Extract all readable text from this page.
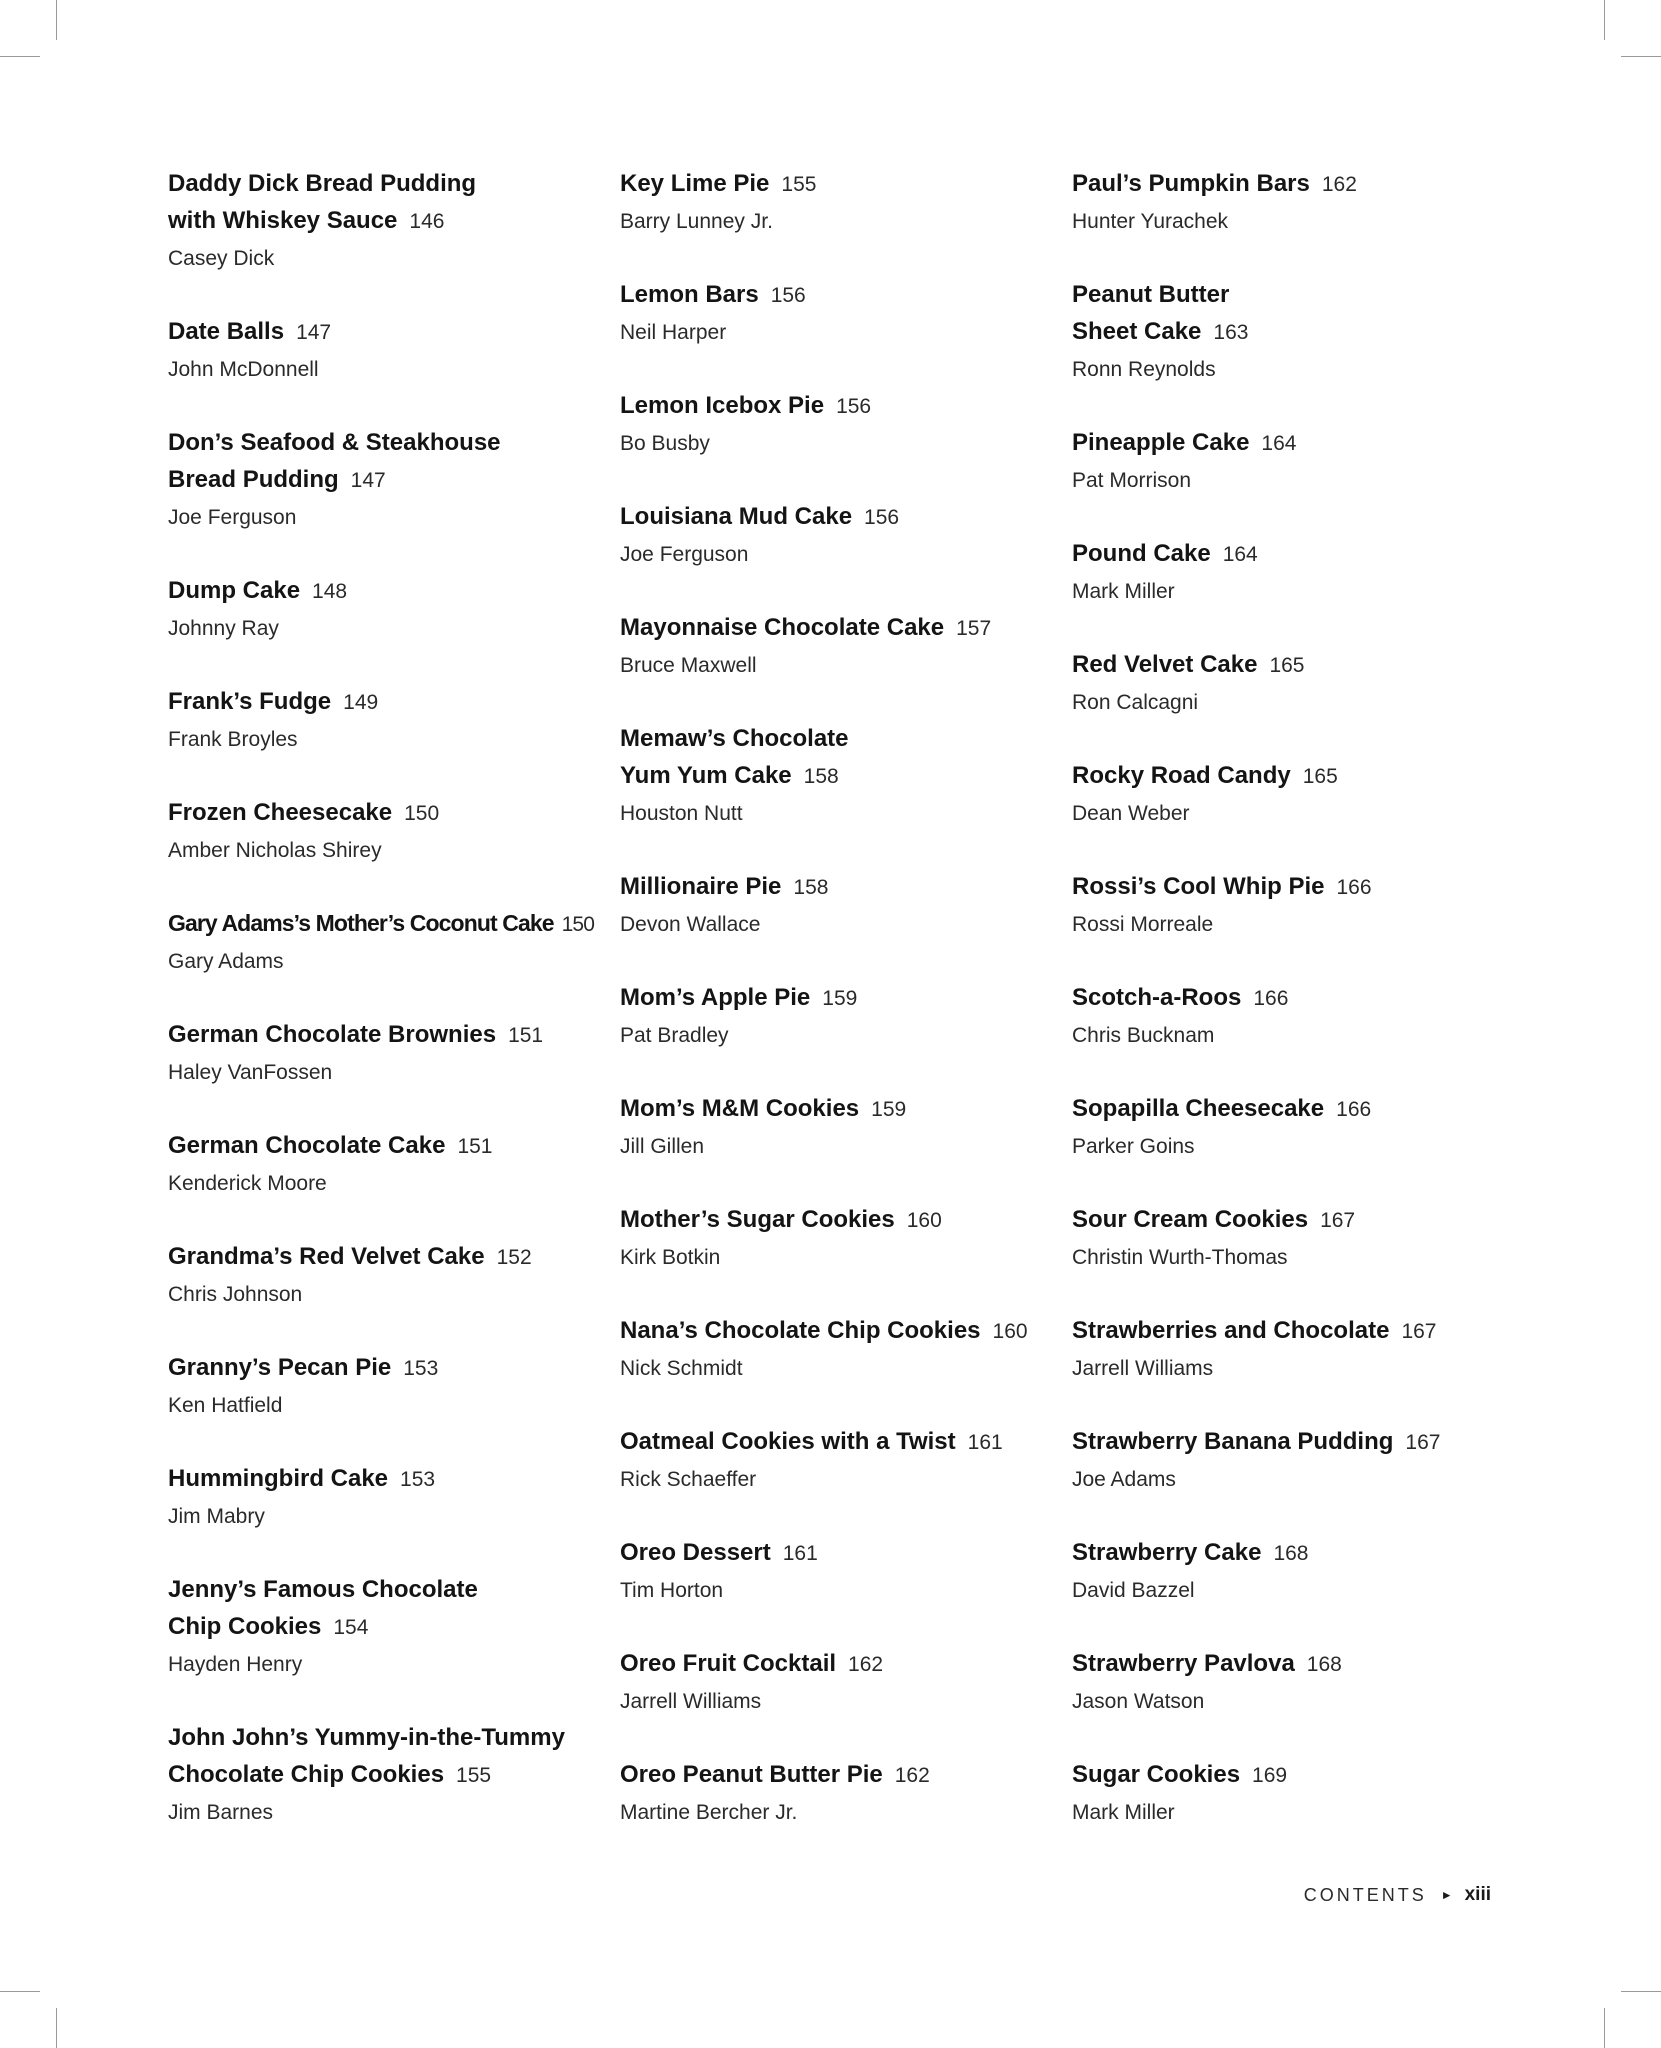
Daddy Dick Bread Pudding
with Whiskey Sauce 146
Casey Dick
Date Balls 147
John McDonnell
Don’s Seafood & Steakhouse
Bread Pudding 147
Joe Ferguson
Dump Cake 148
Johnny Ray
Frank’s Fudge 149
Frank Broyles
Frozen Cheesecake 150
Amber Nicholas Shirey
Gary Adams’s Mother’s Coconut Cake 150
Gary Adams
German Chocolate Brownies 151
Haley VanFossen
German Chocolate Cake 151
Kenderick Moore
Grandma’s Red Velvet Cake 152
Chris Johnson
Granny’s Pecan Pie 153
Ken Hatfield
Hummingbird Cake 153
Jim Mabry
Jenny’s Famous Chocolate
Chip Cookies 154
Hayden Henry
John John’s Yummy-in-the-Tummy
Chocolate Chip Cookies 155
Jim Barnes
Key Lime Pie 155
Barry Lunney Jr.
Lemon Bars 156
Neil Harper
Lemon Icebox Pie 156
Bo Busby
Louisiana Mud Cake 156
Joe Ferguson
Mayonnaise Chocolate Cake 157
Bruce Maxwell
Memaw’s Chocolate
Yum Yum Cake 158
Houston Nutt
Millionaire Pie 158
Devon Wallace
Mom’s Apple Pie 159
Pat Bradley
Mom’s M&M Cookies 159
Jill Gillen
Mother’s Sugar Cookies 160
Kirk Botkin
Nana’s Chocolate Chip Cookies 160
Nick Schmidt
Oatmeal Cookies with a Twist 161
Rick Schaeffer
Oreo Dessert 161
Tim Horton
Oreo Fruit Cocktail 162
Jarrell Williams
Oreo Peanut Butter Pie 162
Martine Bercher Jr.
Paul’s Pumpkin Bars 162
Hunter Yurachek
Peanut Butter
Sheet Cake 163
Ronn Reynolds
Pineapple Cake 164
Pat Morrison
Pound Cake 164
Mark Miller
Red Velvet Cake 165
Ron Calcagni
Rocky Road Candy 165
Dean Weber
Rossi’s Cool Whip Pie 166
Rossi Morreale
Scotch-a-Roos 166
Chris Bucknam
Sopapilla Cheesecake 166
Parker Goins
Sour Cream Cookies 167
Christin Wurth-Thomas
Strawberries and Chocolate 167
Jarrell Williams
Strawberry Banana Pudding 167
Joe Adams
Strawberry Cake 168
David Bazzel
Strawberry Pavlova 168
Jason Watson
Sugar Cookies 169
Mark Miller
CONTENTS ► xiii
